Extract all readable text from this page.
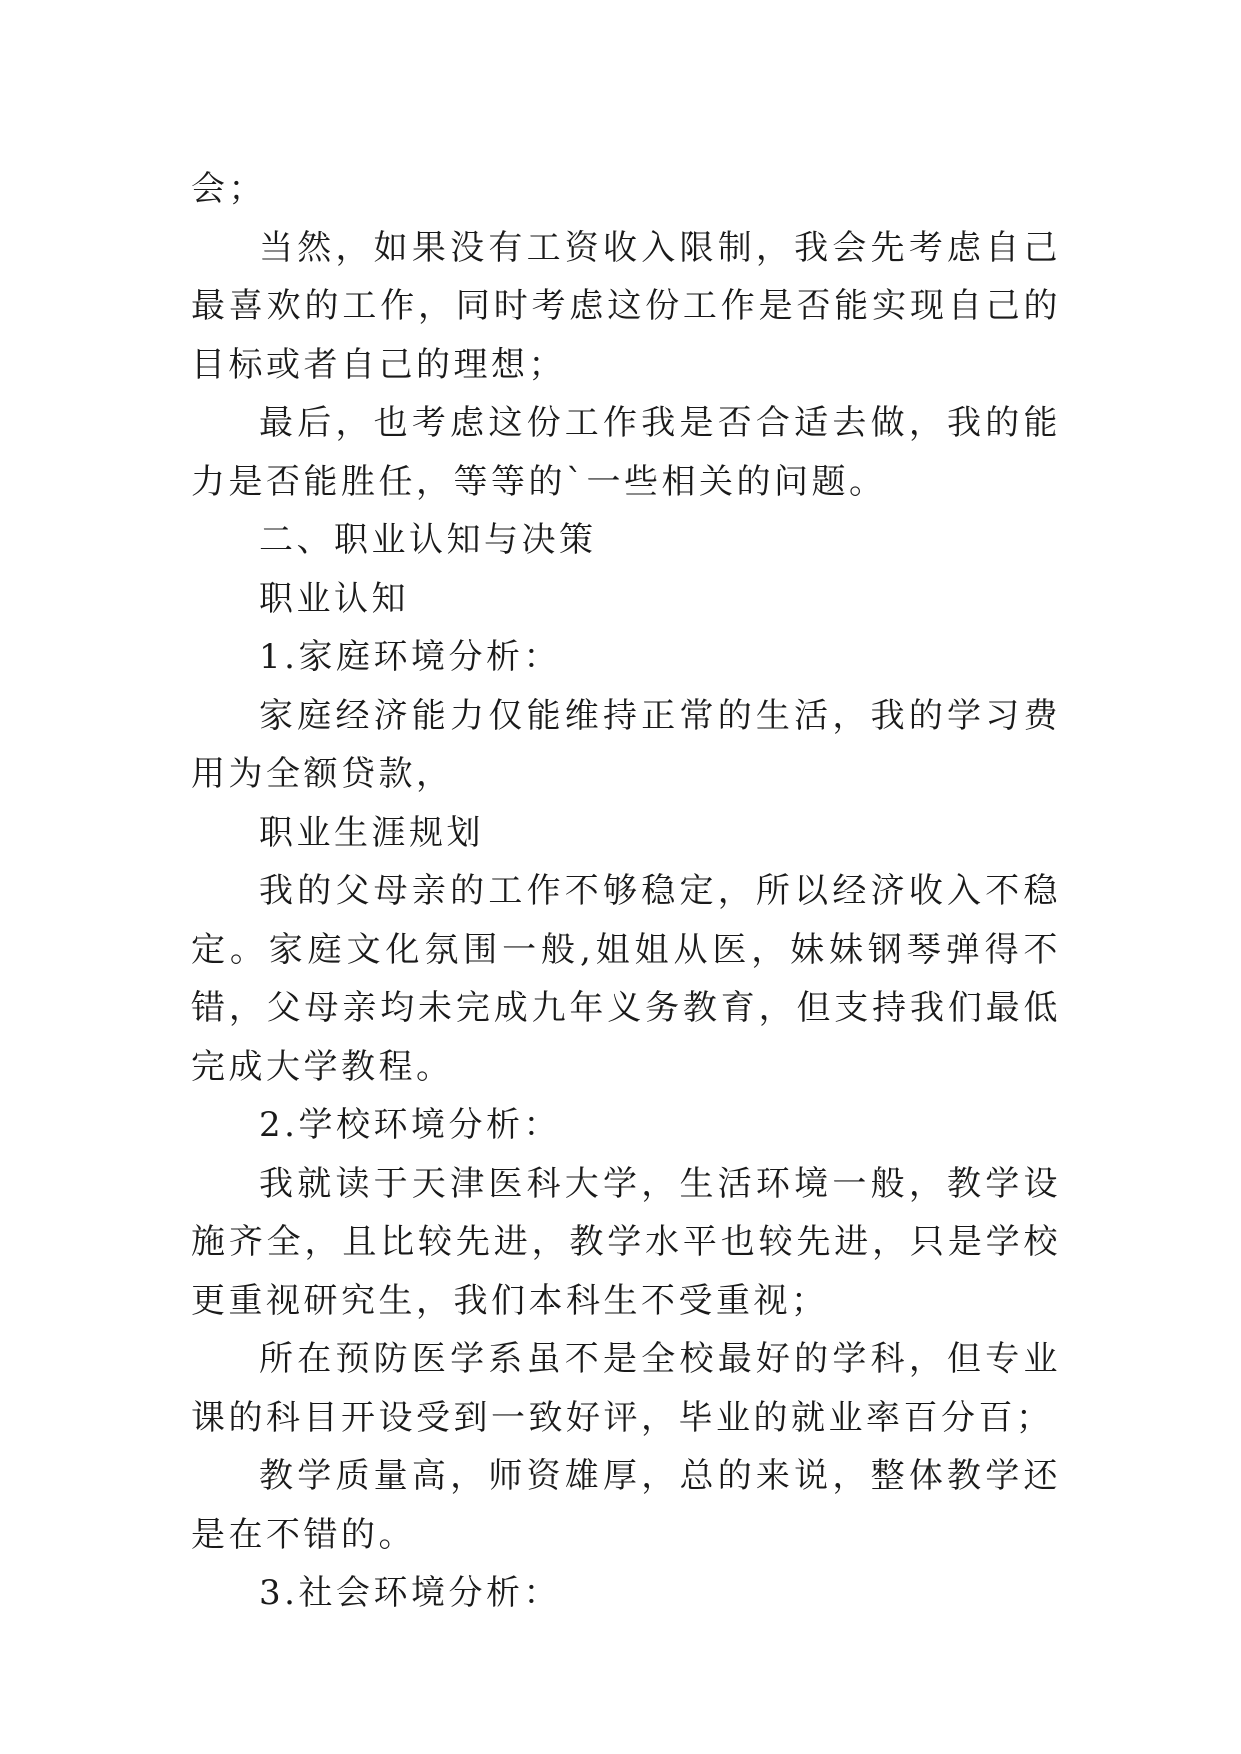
会；

当然，如果没有工资收入限制，我会先考虑自己最喜欢的工作，同时考虑这份工作是否能实现自己的目标或者自己的理想；

最后，也考虑这份工作我是否合适去做，我的能力是否能胜任，等等的`一些相关的问题。

二、职业认知与决策

职业认知

1.家庭环境分析：

家庭经济能力仅能维持正常的生活，我的学习费用为全额贷款，

职业生涯规划

我的父母亲的工作不够稳定，所以经济收入不稳定。家庭文化氛围一般,姐姐从医，妹妹钢琴弹得不错，父母亲均未完成九年义务教育，但支持我们最低完成大学教程。

2.学校环境分析：

我就读于天津医科大学，生活环境一般，教学设施齐全，且比较先进，教学水平也较先进，只是学校更重视研究生，我们本科生不受重视；

所在预防医学系虽不是全校最好的学科，但专业课的科目开设受到一致好评，毕业的就业率百分百；

教学质量高，师资雄厚，总的来说，整体教学还是在不错的。

3.社会环境分析：
